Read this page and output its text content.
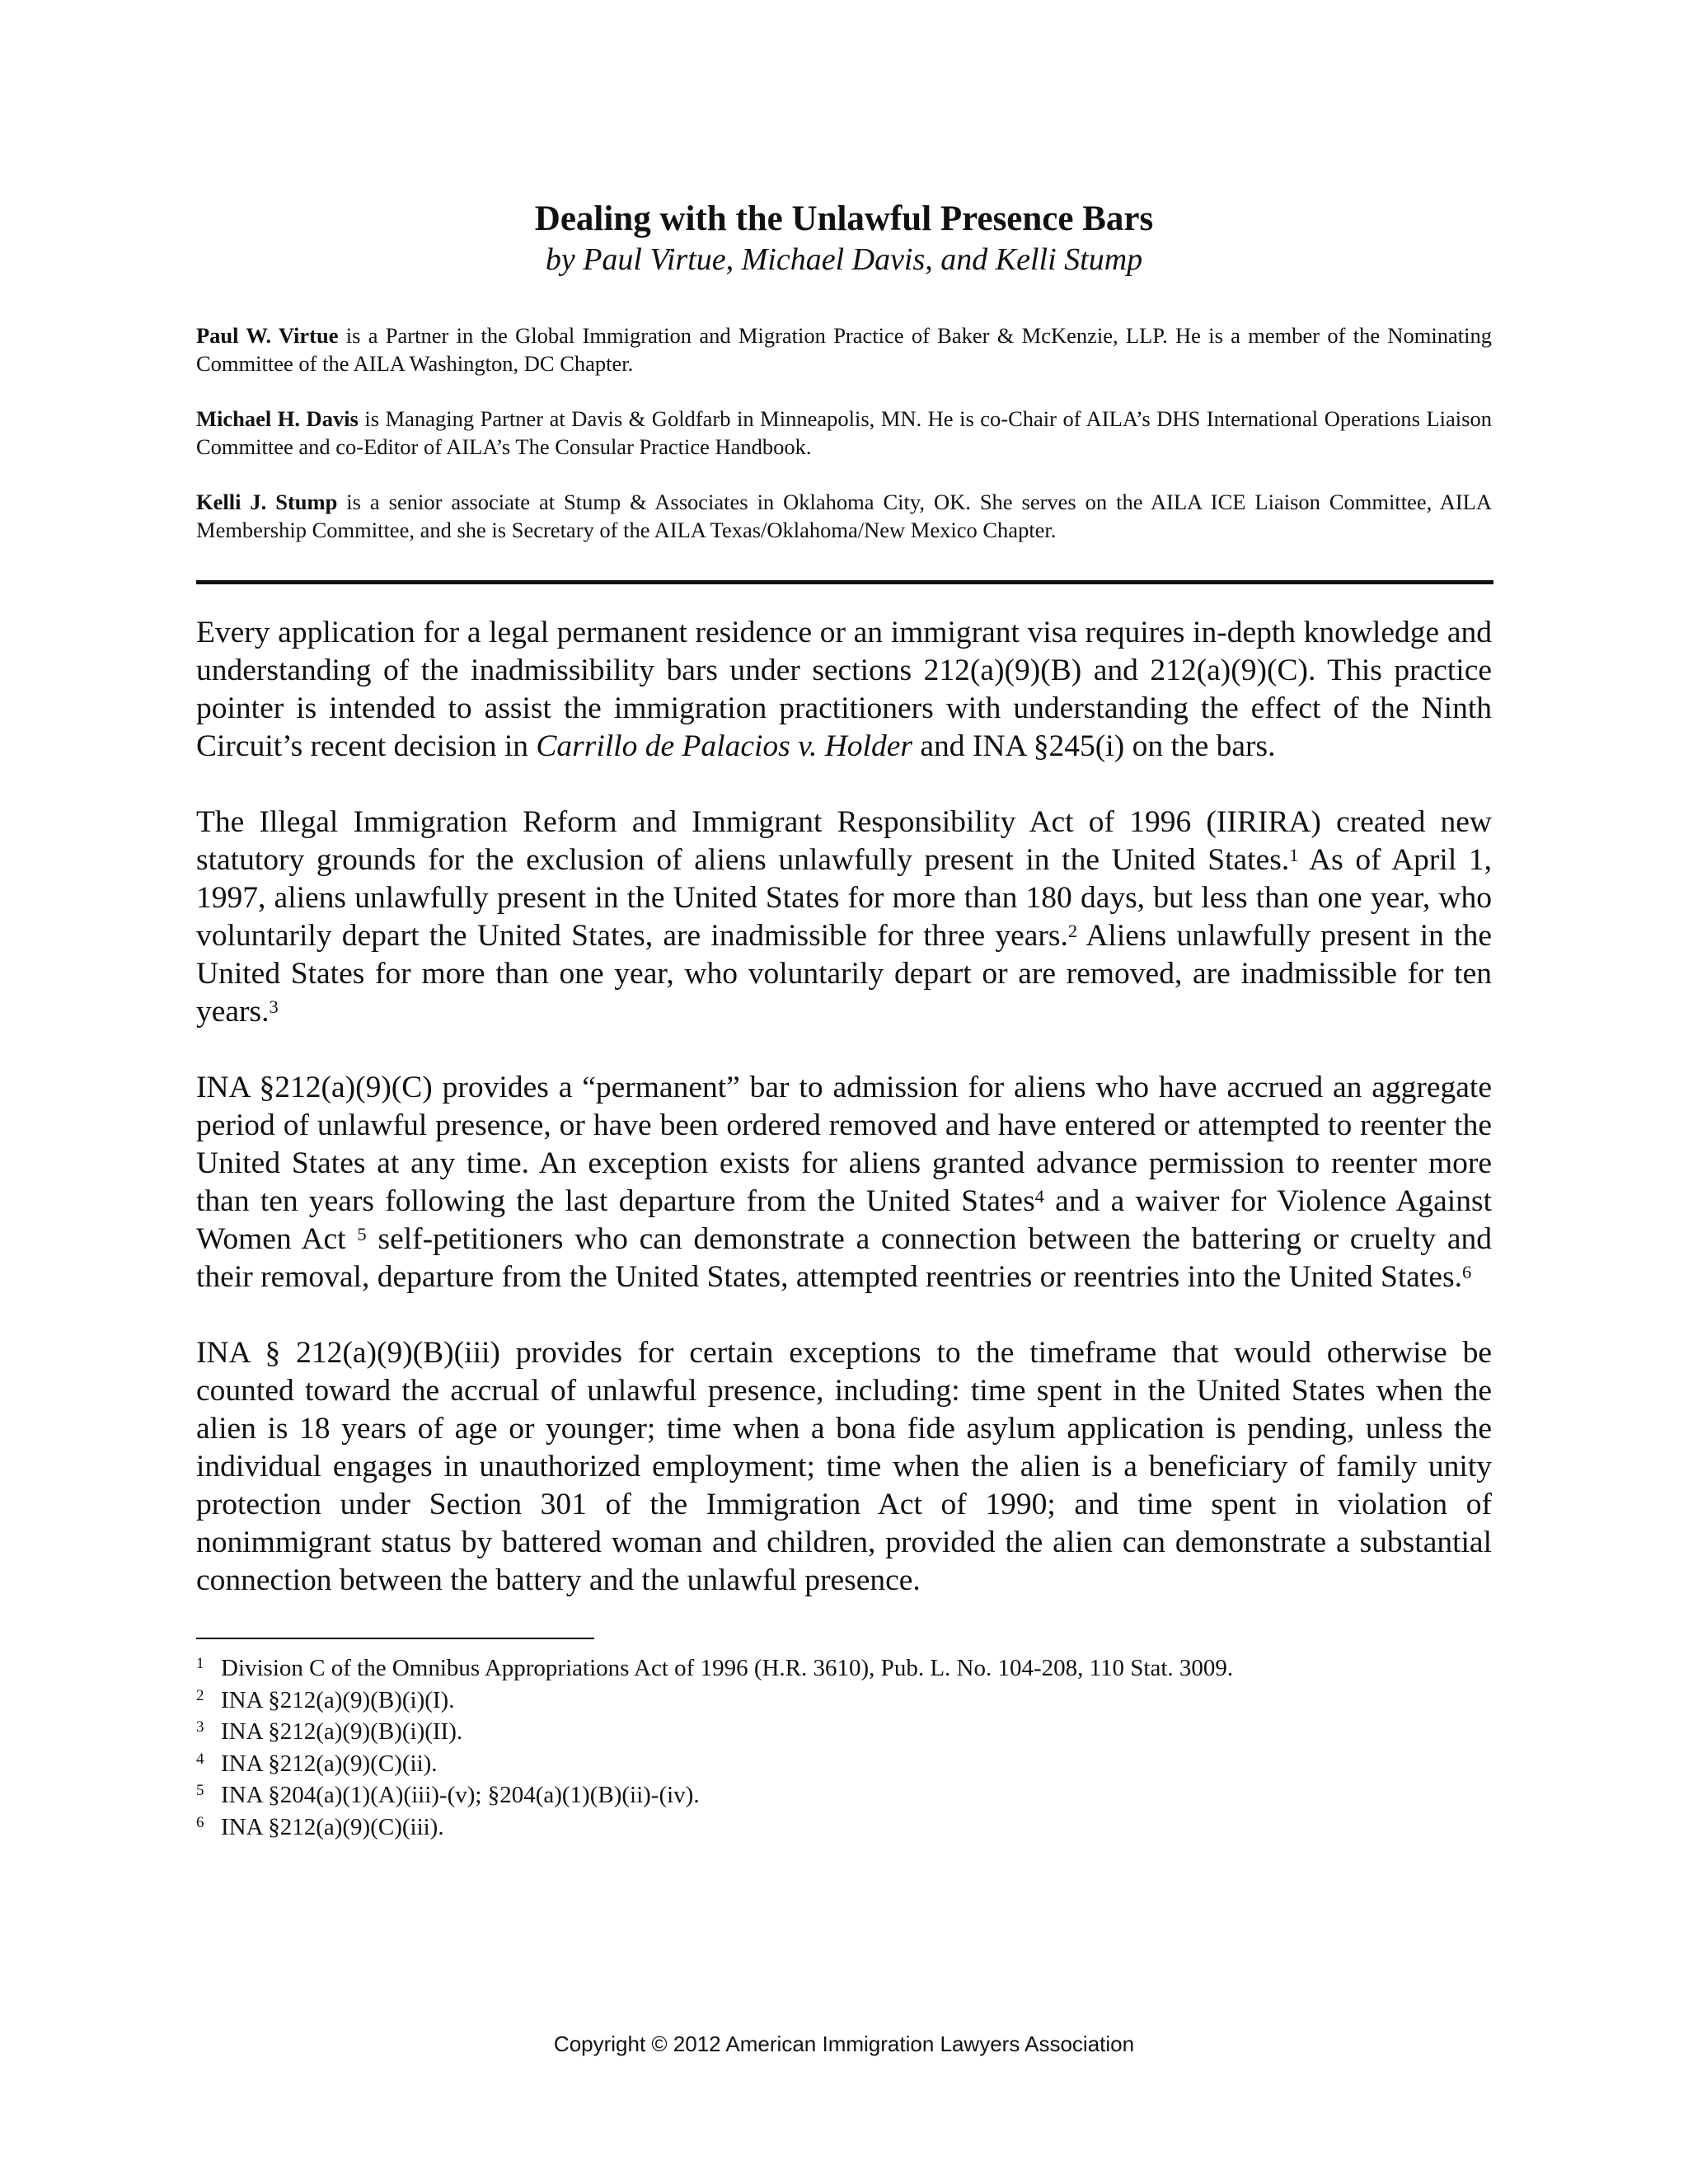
Dealing with the Unlawful Presence Bars

by Paul Virtue, Michael Davis, and Kelli Stump

Paul W. Virtue is a Partner in the Global Immigration and Migration Practice of Baker & McKenzie, LLP. He is a member of the Nominating Committee of the AILA Washington, DC Chapter.

Michael H. Davis is Managing Partner at Davis & Goldfarb in Minneapolis, MN. He is co-Chair of AILA’s DHS International Operations Liaison Committee and co-Editor of AILA’s The Consular Practice Handbook.

Kelli J. Stump is a senior associate at Stump & Associates in Oklahoma City, OK. She serves on the AILA ICE Liaison Committee, AILA Membership Committee, and she is Secretary of the AILA Texas/Oklahoma/New Mexico Chapter.

Every application for a legal permanent residence or an immigrant visa requires in-depth knowledge and understanding of the inadmissibility bars under sections 212(a)(9)(B) and 212(a)(9)(C). This practice pointer is intended to assist the immigration practitioners with understanding the effect of the Ninth Circuit’s recent decision in Carrillo de Palacios v. Holder and INA §245(i) on the bars.

The Illegal Immigration Reform and Immigrant Responsibility Act of 1996 (IIRIRA) created new statutory grounds for the exclusion of aliens unlawfully present in the United States.$^1$ As of April 1, 1997, aliens unlawfully present in the United States for more than 180 days, but less than one year, who voluntarily depart the United States, are inadmissible for three years.$^2$ Aliens unlawfully present in the United States for more than one year, who voluntarily depart or are removed, are inadmissible for ten years.$^3$

INA §212(a)(9)(C) provides a “permanent” bar to admission for aliens who have accrued an aggregate period of unlawful presence, or have been ordered removed and have entered or attempted to reenter the United States at any time. An exception exists for aliens granted advance permission to reenter more than ten years following the last departure from the United States$^4$ and a waiver for Violence Against Women Act $^5$ self-petitioners who can demonstrate a connection between the battering or cruelty and their removal, departure from the United States, attempted reentries or reentries into the United States.$^6$

INA § 212(a)(9)(B)(iii) provides for certain exceptions to the timeframe that would otherwise be counted toward the accrual of unlawful presence, including: time spent in the United States when the alien is 18 years of age or younger; time when a bona fide asylum application is pending, unless the individual engages in unauthorized employment; time when the alien is a beneficiary of family unity protection under Section 301 of the Immigration Act of 1990; and time spent in violation of nonimmigrant status by battered woman and children, provided the alien can demonstrate a substantial connection between the battery and the unlawful presence.

1 Division C of the Omnibus Appropriations Act of 1996 (H.R. 3610), Pub. L. No. 104-208, 110 Stat. 3009.
2 INA §212(a)(9)(B)(i)(I).
3 INA §212(a)(9)(B)(i)(II).
4 INA §212(a)(9)(C)(ii).
5 INA §204(a)(1)(A)(iii)-(v); §204(a)(1)(B)(ii)-(iv).
6 INA §212(a)(9)(C)(iii).
Copyright © 2012 American Immigration Lawyers Association
